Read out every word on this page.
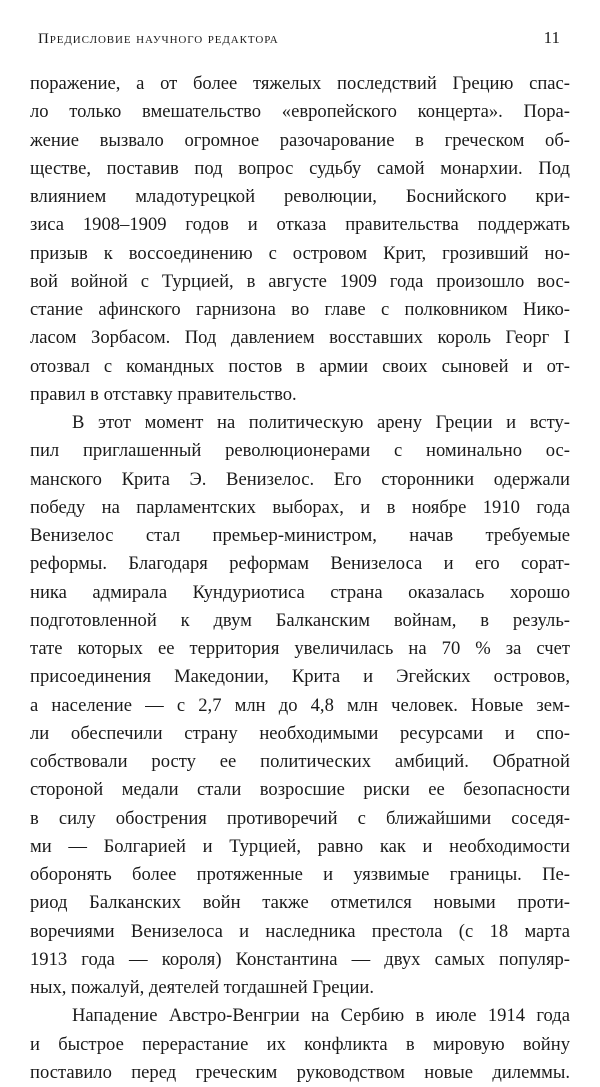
Предисловие научного редактора	11
поражение, а от более тяжелых последствий Грецию спас-
ло только вмешательство «европейского концерта». Пора-
жение вызвало огромное разочарование в греческом об-
ществе, поставив под вопрос судьбу самой монархии. Под
влиянием младотурецкой революции, Боснийского кри-
зиса 1908–1909 годов и отказа правительства поддержать
призыв к воссоединению с островом Крит, грозивший но-
вой войной с Турцией, в августе 1909 года произошло вос-
стание афинского гарнизона во главе с полковником Нико-
ласом Зорбасом. Под давлением восставших король Георг I
отозвал с командных постов в армии своих сыновей и от-
правил в отставку правительство.
В этот момент на политическую арену Греции и всту-
пил приглашенный революционерами с номинально ос-
манского Крита Э. Венизелос. Его сторонники одержали
победу на парламентских выборах, и в ноябре 1910 года
Венизелос стал премьер-министром, начав требуемые
реформы. Благодаря реформам Венизелоса и его сорат-
ника адмирала Кундуриотиса страна оказалась хорошо
подготовленной к двум Балканским войнам, в резуль-
тате которых ее территория увеличилась на 70 % за счет
присоединения Македонии, Крита и Эгейских островов,
а население — с 2,7 млн до 4,8 млн человек. Новые зем-
ли обеспечили страну необходимыми ресурсами и спо-
собствовали росту ее политических амбиций. Обратной
стороной медали стали возросшие риски ее безопасности
в силу обострения противоречий с ближайшими соседя-
ми — Болгарией и Турцией, равно как и необходимости
оборонять более протяженные и уязвимые границы. Пе-
риод Балканских войн также отметился новыми проти-
воречиями Венизелоса и наследника престола (с 18 марта
1913 года — короля) Константина — двух самых популяр-
ных, пожалуй, деятелей тогдашней Греции.
Нападение Австро-Венгрии на Сербию в июле 1914 года
и быстрое перерастание их конфликта в мировую войну
поставило перед греческим руководством новые дилеммы.
